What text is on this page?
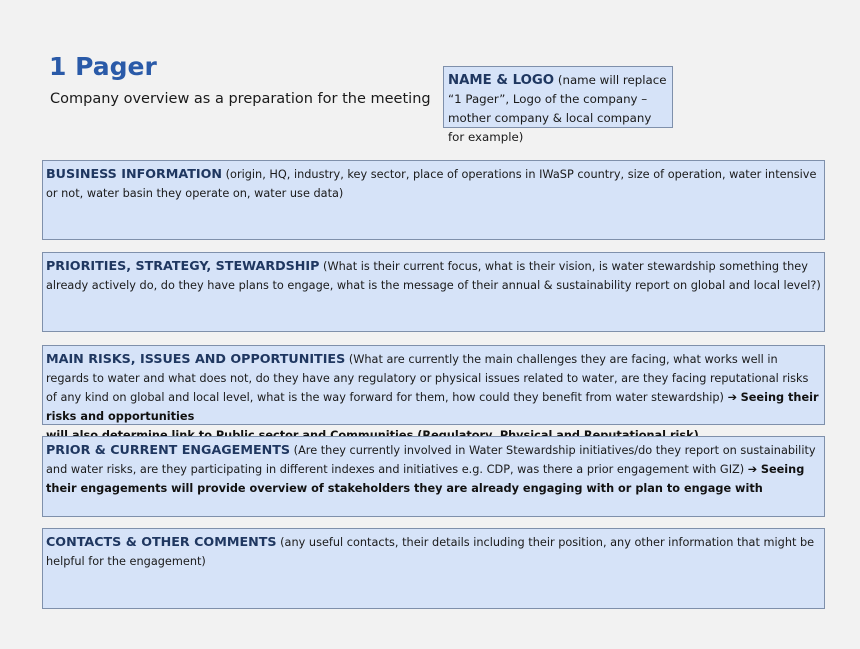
1 Pager
Company overview as a preparation for the meeting
NAME & LOGO (name will replace “1 Pager”, Logo of the company – mother company & local company for example)
BUSINESS INFORMATION (origin, HQ, industry, key sector, place of operations in IWaSP country, size of operation, water intensive or not, water basin they operate on, water use data)
PRIORITIES, STRATEGY, STEWARDSHIP (What is their current focus, what is their vision, is water stewardship something they already actively do, do they have plans to engage, what is the message of their annual & sustainability report on global and local level?)
MAIN RISKS, ISSUES AND OPPORTUNITIES (What are currently the main challenges they are facing, what works well in regards to water and what does not, do they have any regulatory or physical issues related to water, are they facing reputational risks of any kind on global and local level, what is the way forward for them, how could they benefit from water stewardship) ➔ Seeing their risks and opportunities

PRIOR & CURRENT ENGAGEMENTS (Are they currently involved in Water Stewardship initiatives/do they report on sustainability and water risks, are they participating in different indexes and initiatives e.g. CDP, was there a prior engagement with GIZ) ➔ Seeing their engagements will provide overview of stakeholders they are already engaging with or plan to engage with
CONTACTS & OTHER COMMENTS (any useful contacts, their details including their position, any other information that might be helpful for the engagement)
